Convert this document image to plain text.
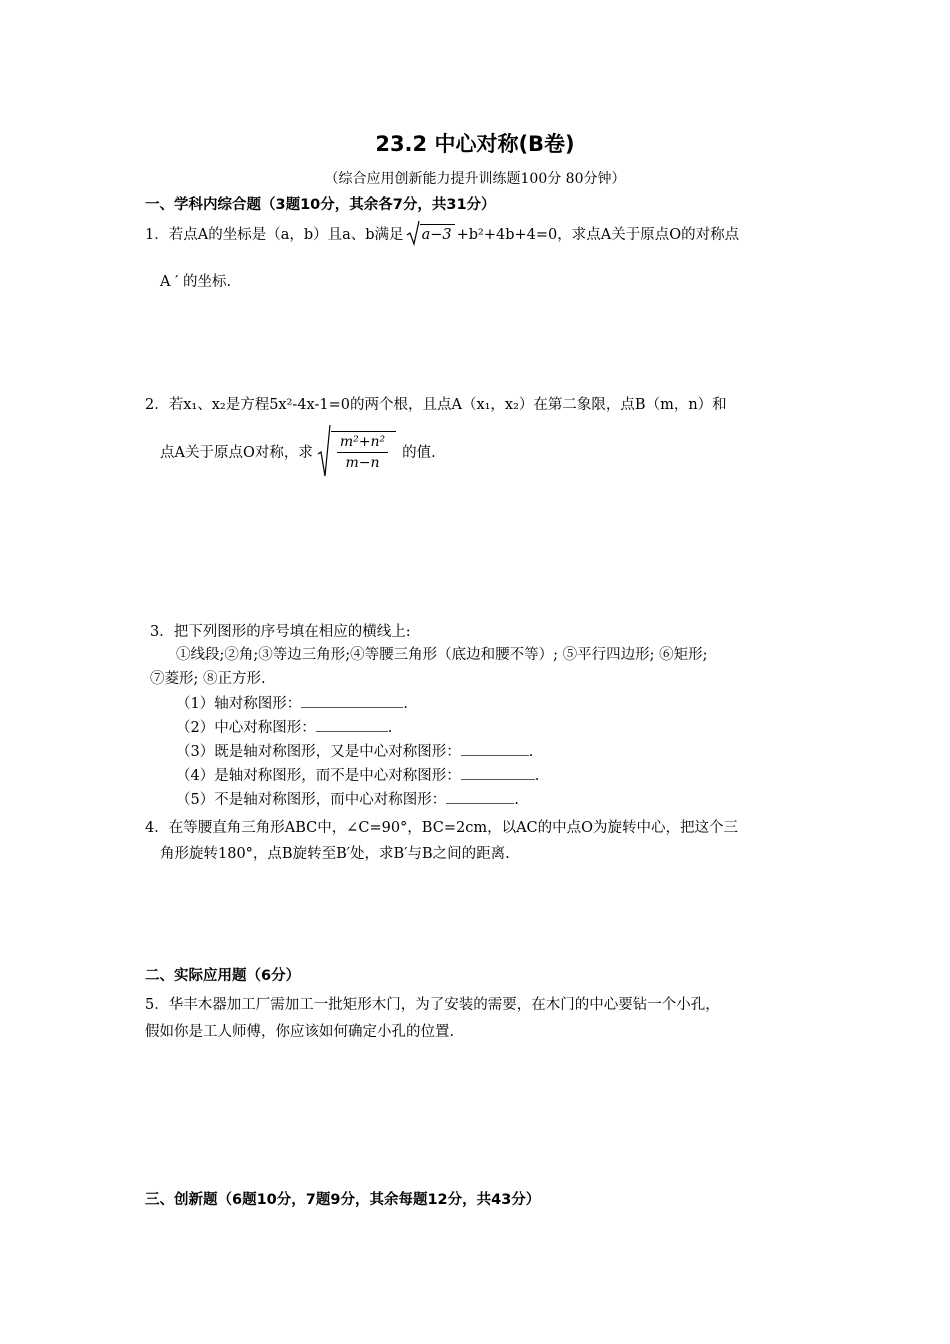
23.2 中心对称(B卷)
（综合应用创新能力提升训练题100分 80分钟）
一、学科内综合题（3题10分，其余各7分，共31分）
1．若点A的坐标是（a，b）且a、b满足 a−3 +b²+4b+4=0，求点A关于原点O的对称点
A ′ 的坐标.
2．若x₁、x₂是方程5x²-4x-1=0的两个根，且点A（x₁，x₂）在第二象限，点B（m，n）和
点A关于原点O对称，求 $\frac{\text{m²+n²}}{m-n}$ 的值.
3．把下列图形的序号填在相应的横线上:
①线段;②角;③等边三角形;④等腰三角形（底边和腰不等）; ⑤平行四边形; ⑥矩形;
⑦菱形; ⑧正方形.
（1）轴对称图形：	.
（2）中心对称图形：	.
（3）既是轴对称图形，又是中心对称图形：	.
（4）是轴对称图形，而不是中心对称图形：	.
（5）不是轴对称图形，而中心对称图形：	.
4．在等腰直角三角形ABC中，∠C=90°，BC=2cm，以AC的中点O为旋转中心，把这个三
角形旋转180°，点B旋转至B′处，求B′与B之间的距离.
二、实际应用题（6分）
5．华丰木器加工厂需加工一批矩形木门，为了安装的需要，在木门的中心要钻一个小孔，
假如你是工人师傅，你应该如何确定小孔的位置.
三、创新题（6题10分，7题9分，其余每题12分，共43分）
